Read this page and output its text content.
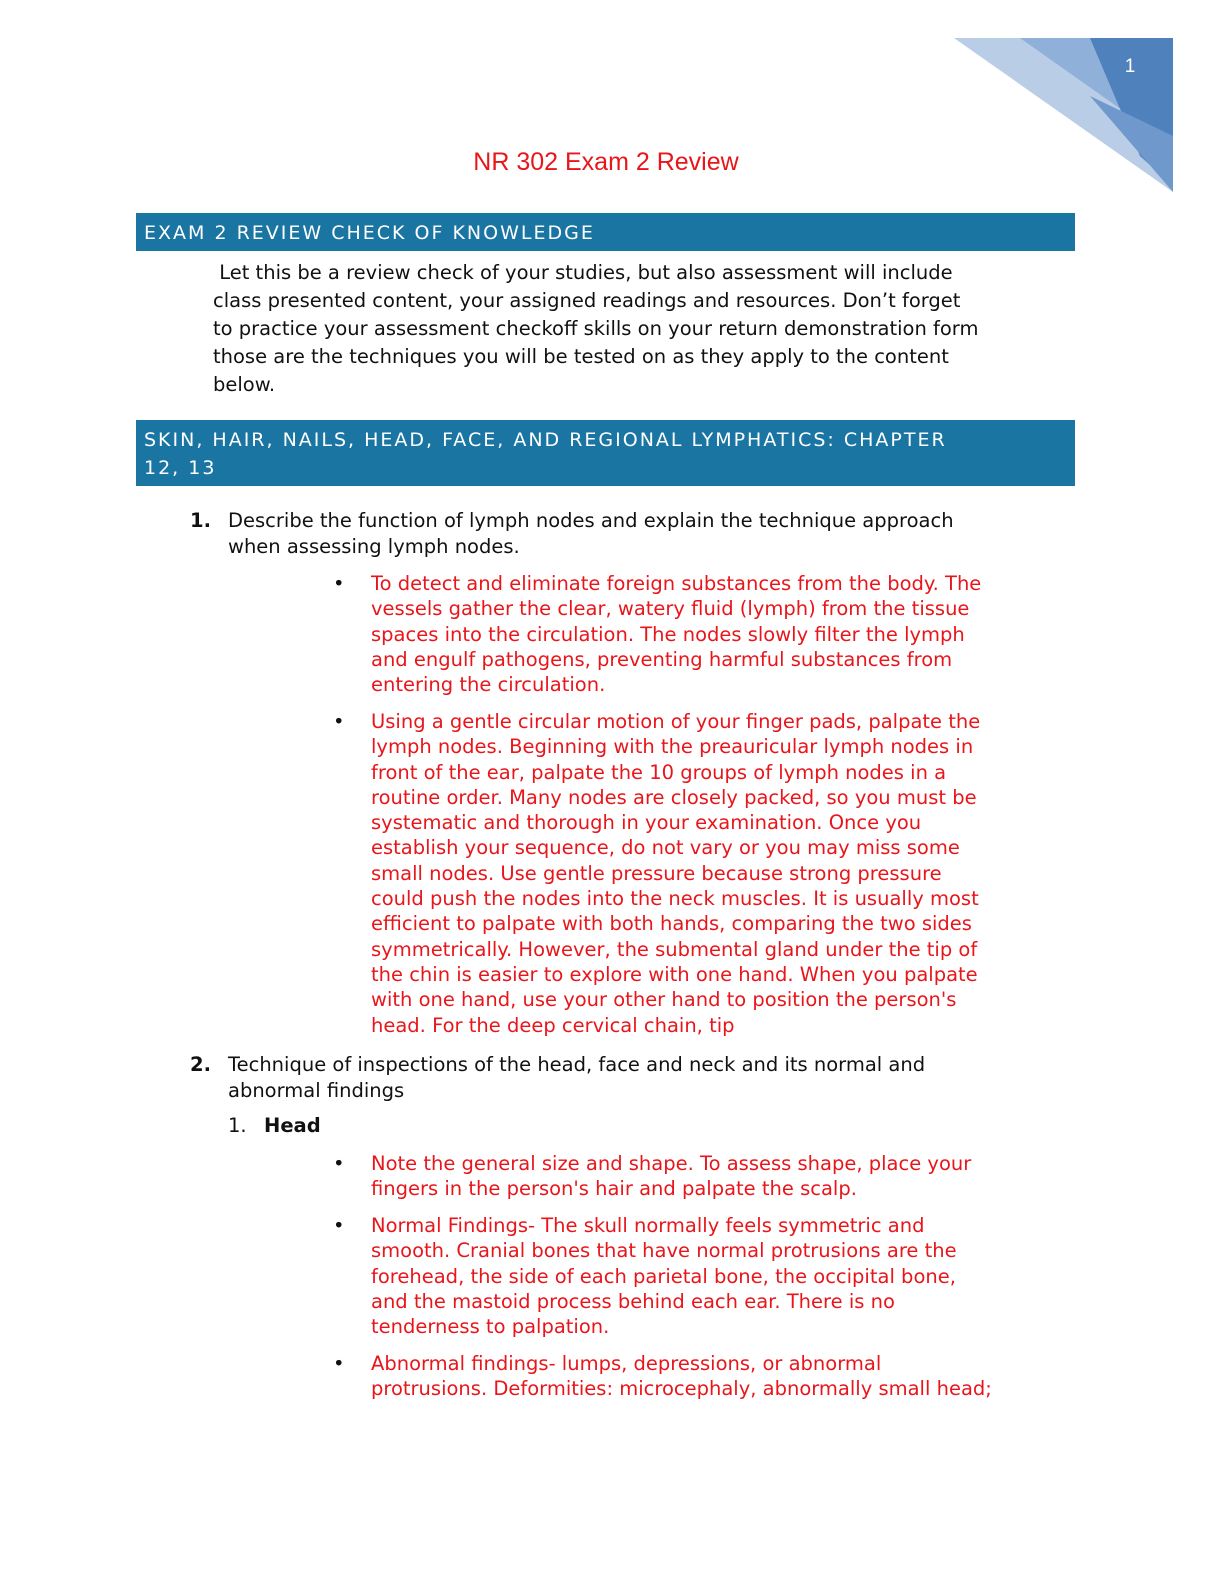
1
NR 302 Exam 2 Review
EXAM 2 REVIEW CHECK OF KNOWLEDGE
Let this be a review check of your studies, but also assessment will include
class presented content, your assigned readings and resources. Don’t forget
to practice your assessment checkoff skills on your return demonstration form
those are the techniques you will be tested on as they apply to the content
below.
SKIN, HAIR, NAILS, HEAD, FACE, AND REGIONAL LYMPHATICS: CHAPTER
12, 13
1. Describe the function of lymph nodes and explain the technique approach
when assessing lymph nodes.
•	To detect and eliminate foreign substances from the body. The
vessels gather the clear, watery fluid (lymph) from the tissue
spaces into the circulation. The nodes slowly filter the lymph
and engulf pathogens, preventing harmful substances from
entering the circulation.
•	Using a gentle circular motion of your finger pads, palpate the
lymph nodes. Beginning with the preauricular lymph nodes in
front of the ear, palpate the 10 groups of lymph nodes in a
routine order. Many nodes are closely packed, so you must be
systematic and thorough in your examination. Once you
establish your sequence, do not vary or you may miss some
small nodes. Use gentle pressure because strong pressure
could push the nodes into the neck muscles. It is usually most
efficient to palpate with both hands, comparing the two sides
symmetrically. However, the submental gland under the tip of
the chin is easier to explore with one hand. When you palpate
with one hand, use your other hand to position the person's
head. For the deep cervical chain, tip
2. Technique of inspections of the head, face and neck and its normal and
abnormal findings
1. Head
•	Note the general size and shape. To assess shape, place your
fingers in the person's hair and palpate the scalp.
•	Normal Findings- The skull normally feels symmetric and
smooth. Cranial bones that have normal protrusions are the
forehead, the side of each parietal bone, the occipital bone,
and the mastoid process behind each ear. There is no
tenderness to palpation.
•	Abnormal findings- lumps, depressions, or abnormal
protrusions. Deformities: microcephaly, abnormally small head;
